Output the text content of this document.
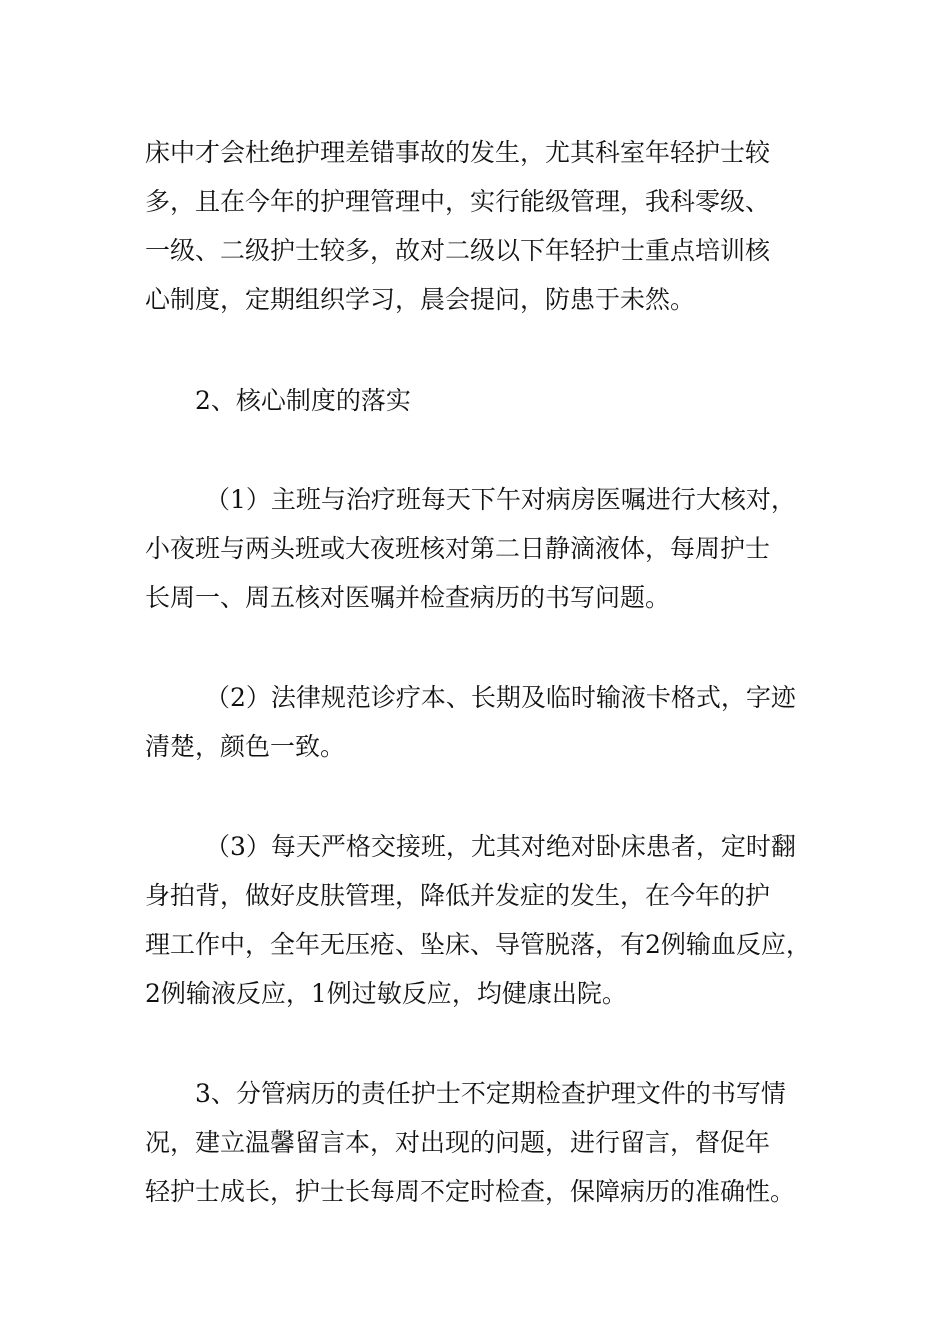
床中才会杜绝护理差错事故的发生，尤其科室年轻护士较
多，且在今年的护理管理中，实行能级管理，我科零级、
一级、二级护士较多，故对二级以下年轻护士重点培训核
心制度，定期组织学习，晨会提问，防患于未然。
2、核心制度的落实
（1）主班与治疗班每天下午对病房医嘱进行大核对，
小夜班与两头班或大夜班核对第二日静滴液体，每周护士
长周一、周五核对医嘱并检查病历的书写问题。
（2）法律规范诊疗本、长期及临时输液卡格式，字迹
清楚，颜色一致。
（3）每天严格交接班，尤其对绝对卧床患者，定时翻
身拍背，做好皮肤管理，降低并发症的发生，在今年的护
理工作中，全年无压疮、坠床、导管脱落，有2例输血反应，
2例输液反应，1例过敏反应，均健康出院。
3、分管病历的责任护士不定期检查护理文件的书写情
况，建立温馨留言本，对出现的问题，进行留言，督促年
轻护士成长，护士长每周不定时检查，保障病历的准确性。
